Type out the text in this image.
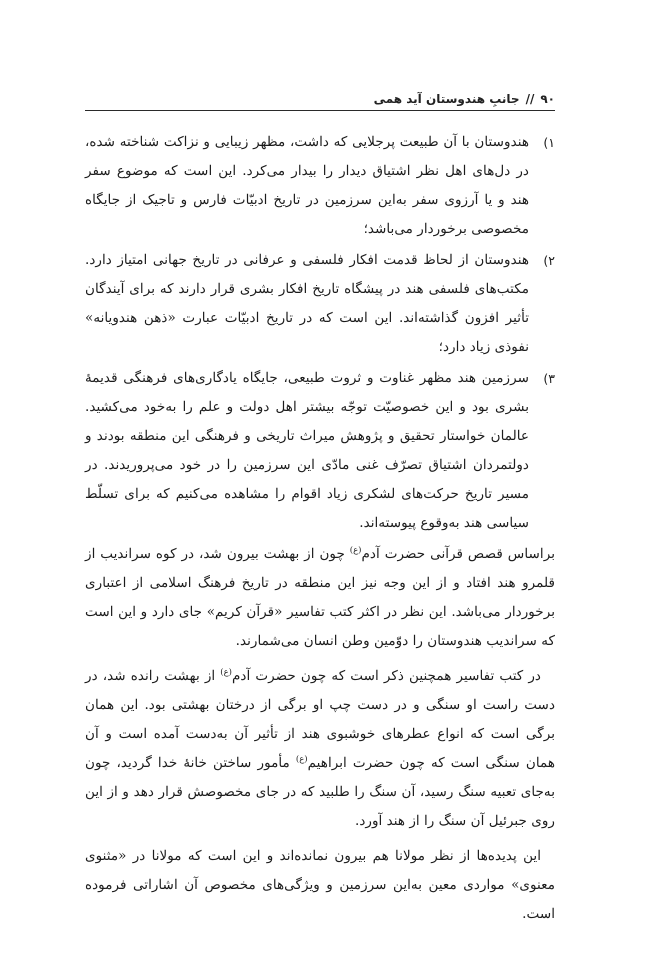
۹۰//جانبِ هندوستان آید همی
۱)
هندوستان با آن طبیعت پرجلایی که داشت، مظهر زیبایی و نزاکت شناخته شده، در دل‌های اهل نظر اشتیاق دیدار را بیدار می‌کرد. این است که موضوع سفر هند و یا آرزوی سفر به‌این سرزمین در تاریخ ادبیّات فارس و تاجیک از جایگاه مخصوصی برخوردار می‌باشد؛
۲)
هندوستان از لحاظ قدمت افکار فلسفی و عرفانی در تاریخ جهانی امتیاز دارد. مکتب‌های فلسفی هند در پیشگاه تاریخ افکار بشری قرار دارند که برای آیندگان تأثیر افزون گذاشته‌اند. این است که در تاریخ ادبیّات عبارت «ذهن هندویانه» نفوذی زیاد دارد؛
۳)
سرزمین هند مظهر غناوت و ثروت طبیعی، جایگاه یادگاری‌های فرهنگی قدیمهٔ بشری بود و این خصوصیّت توجّه بیشتر اهل دولت و علم را به‌خود می‌کشید. عالمان خواستار تحقیق و پژوهش میراث تاریخی و فرهنگی این منطقه بودند و دولتمردان اشتیاق تصرّف غنی مادّی این سرزمین را در خود می‌پروریدند. در مسیر تاریخ حرکت‌های لشکری زیاد اقوام را مشاهده می‌کنیم که برای تسلّط سیاسی هند به‌وقوع پیوسته‌اند.

براساس قصص قرآنی حضرت آدم$^{(ع)}$ چون از بهشت بیرون شد، در کوه سراندیب از قلمرو هند افتاد و از این وجه نیز این منطقه در تاریخ فرهنگ اسلامی از اعتباری برخوردار می‌باشد. این نظر در اکثر کتب تفاسیر «قرآن کریم» جای دارد و این است که سراندیب هندوستان را دوّمین وطن انسان می‌شمارند.

در کتب تفاسیر همچنین ذکر است که چون حضرت آدم$^{(ع)}$ از بهشت رانده شد، در دست راست او سنگی و در دست چپ او برگی از درختان بهشتی بود. این همان برگی است که انواع عطرهای خوشبوی هند از تأثیر آن به‌دست آمده است و آن همان سنگی است که چون حضرت ابراهیم$^{(ع)}$ مأمور ساختن خانهٔ خدا گردید، چون به‌جای تعبیه سنگ رسید، آن سنگ را طلبید که در جای مخصوصش قرار دهد و از این روی جبرئیل آن سنگ را از هند آورد.

این پدیده‌ها از نظر مولانا هم بیرون نمانده‌اند و این است که مولانا در «مثنوی معنوی» مواردی معین به‌این سرزمین و ویژگی‌های مخصوص آن اشاراتی فرموده است.
